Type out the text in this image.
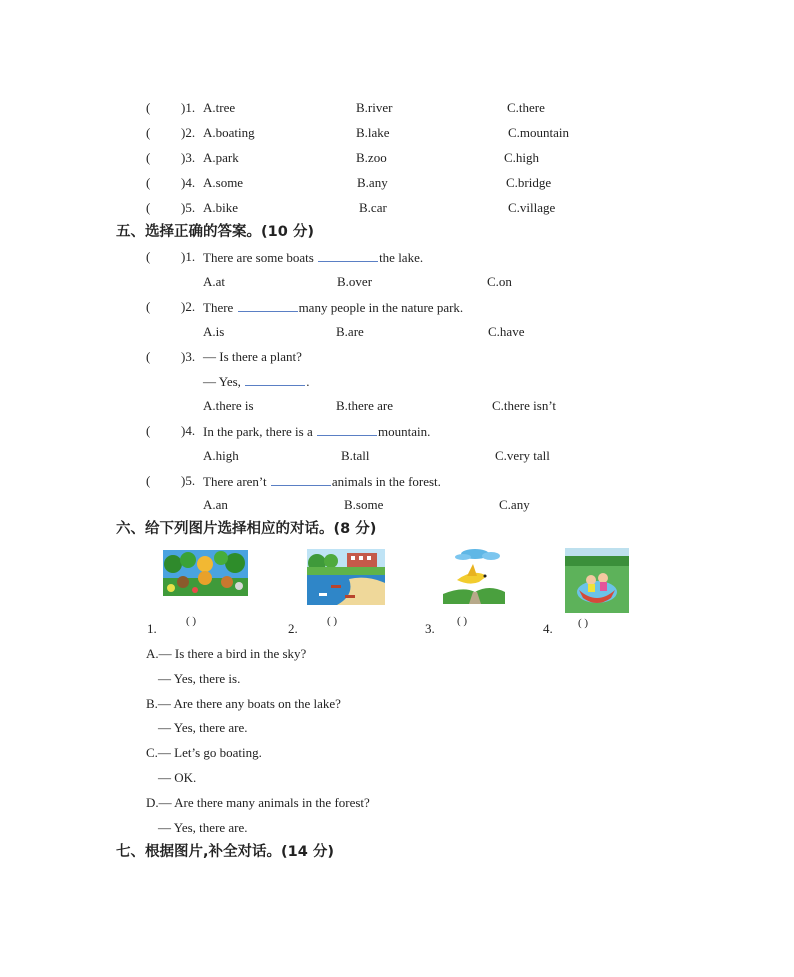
( )1. A.tree	B.river	C.there
( )2. A.boating	B.lake	C.mountain
( )3. A.park	B.zoo	C.high
( )4. A.some	B.any	C.bridge
( )5. A.bike	B.car	C.village
五、选择正确的答案。(10 分)
( )1. There are some boats	the lake.
A.at	B.over	C.on
( )2. There	many people in the nature park.
A.is	B.are	C.have
( )3. — Is there a plant?
— Yes,	.
A.there is	B.there are	C.there isn’t
( )4. In the park, there is a	mountain.
A.high	B.tall	C.very tall
( )5. There aren’t	animals in the forest.
A.an	B.some	C.any
六、给下列图片选择相应的对话。(8 分)
1.	( )	2.	( )	3. ( )	4. ( )
A.— Is there a bird in the sky?
— Yes, there is.
B.— Are there any boats on the lake?
— Yes, there are.
C.— Let’s go boating.
— OK.
D.— Are there many animals in the forest?
— Yes, there are.
七、根据图片,补全对话。(14 分)
